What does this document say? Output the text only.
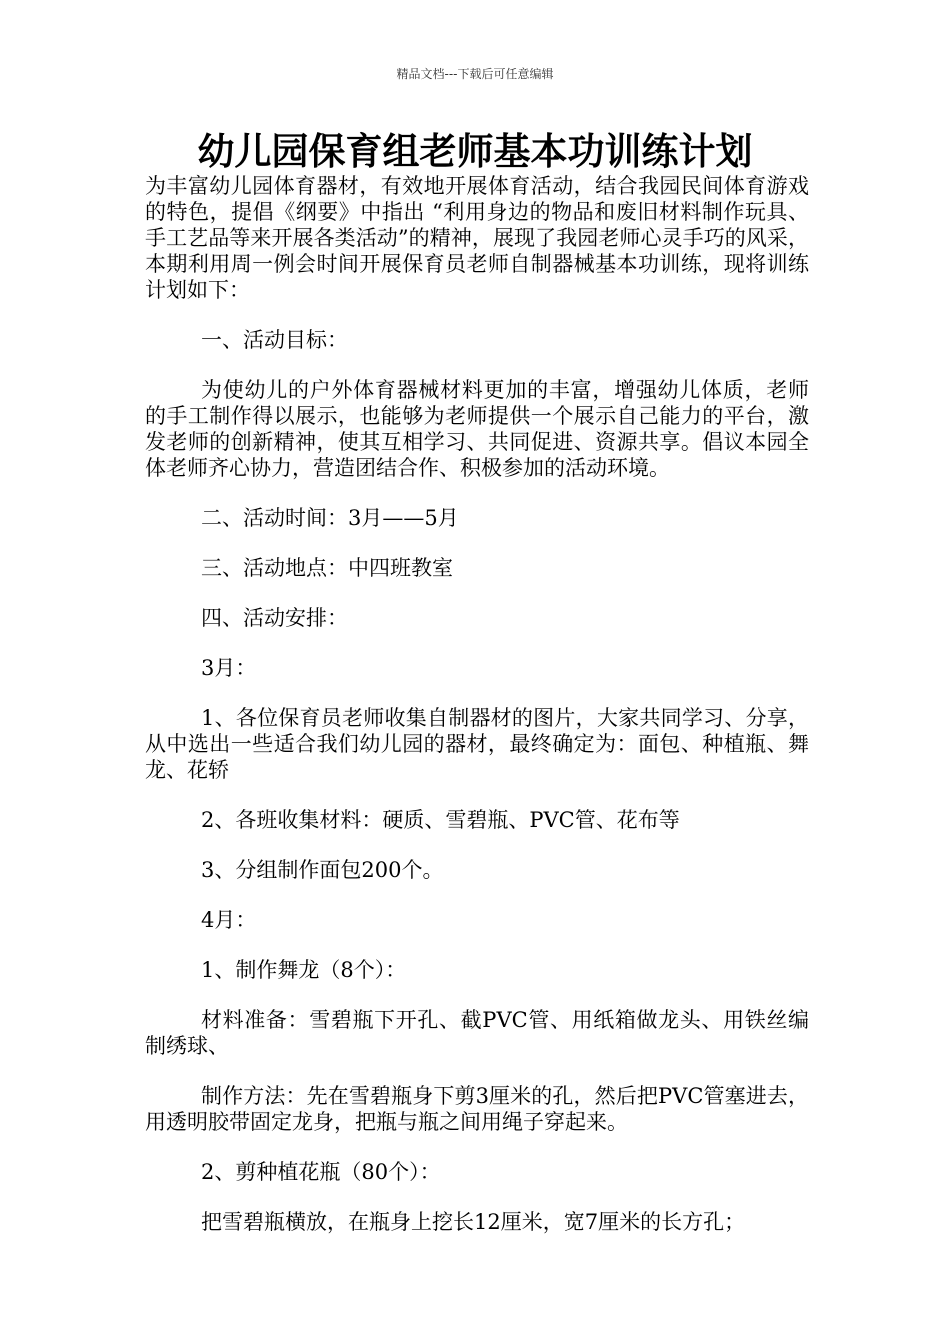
精品文档---下载后可任意编辑
幼儿园保育组老师基本功训练计划

为丰富幼儿园体育器材，有效地开展体育活动，结合我园民间体育游戏的特色，提倡《纲要》中指出 “利用身边的物品和废旧材料制作玩具、手工艺品等来开展各类活动”的精神，展现了我园老师心灵手巧的风采，本期利用周一例会时间开展保育员老师自制器械基本功训练，现将训练计划如下：

一、活动目标：

为使幼儿的户外体育器械材料更加的丰富，增强幼儿体质，老师的手工制作得以展示，也能够为老师提供一个展示自己能力的平台，激发老师的创新精神，使其互相学习、共同促进、资源共享。倡议本园全体老师齐心协力，营造团结合作、积极参加的活动环境。

二、活动时间：3月——5月

三、活动地点：中四班教室

四、活动安排：

3月：

1、各位保育员老师收集自制器材的图片，大家共同学习、分享，从中选出一些适合我们幼儿园的器材，最终确定为：面包、种植瓶、舞龙、花轿

2、各班收集材料：硬质、雪碧瓶、PVC管、花布等

3、分组制作面包200个。

4月：

1、制作舞龙（8个）：

材料准备：雪碧瓶下开孔、截PVC管、用纸箱做龙头、用铁丝编制绣球、

制作方法：先在雪碧瓶身下剪3厘米的孔，然后把PVC管塞进去，用透明胶带固定龙身，把瓶与瓶之间用绳子穿起来。

2、剪种植花瓶（80个）：

把雪碧瓶横放，在瓶身上挖长12厘米，宽7厘米的长方孔；
